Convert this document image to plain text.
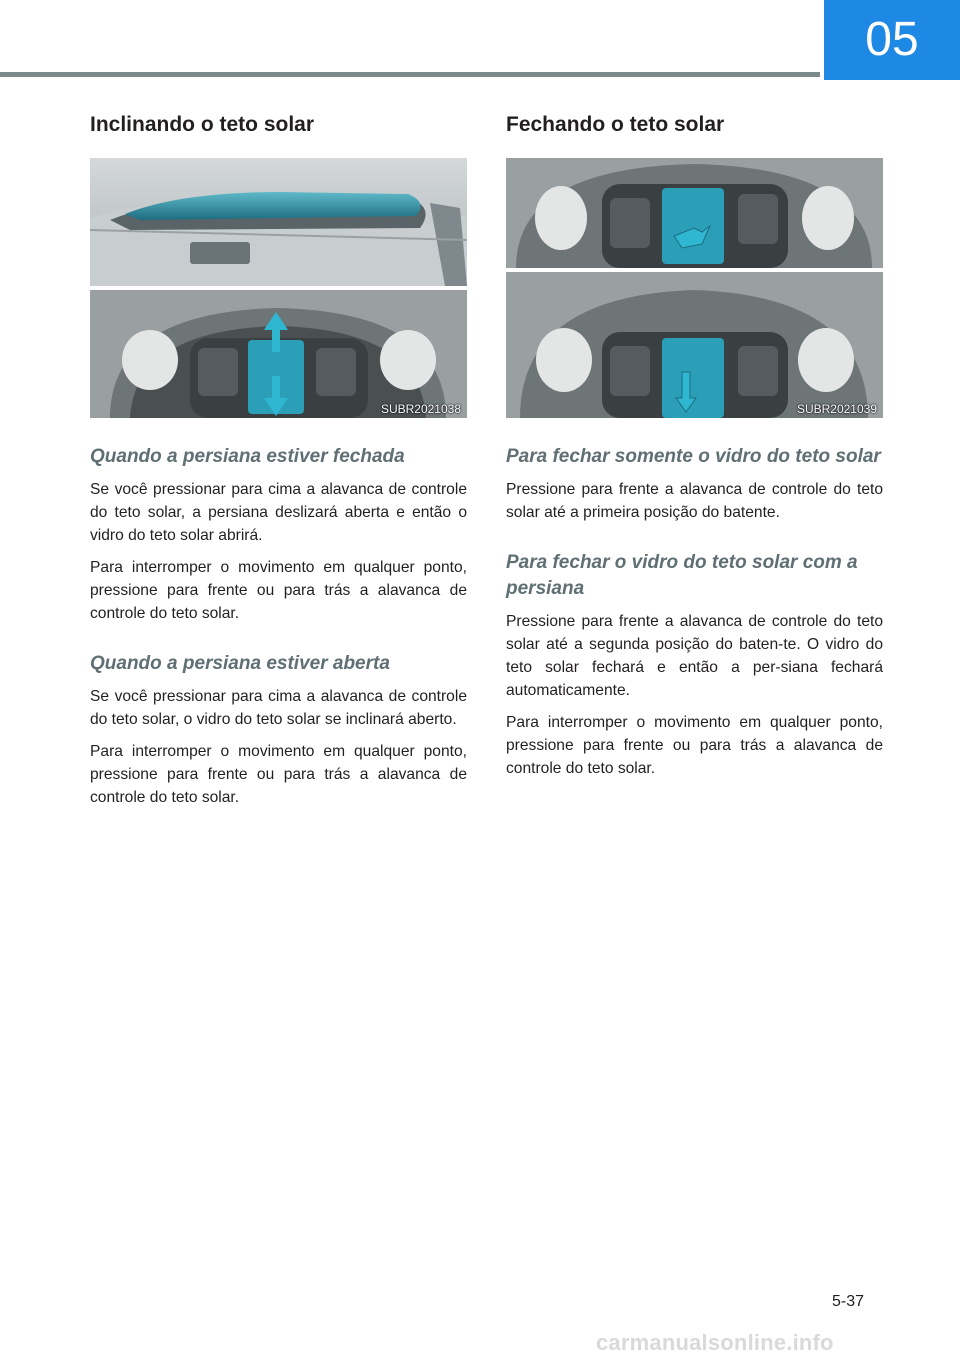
05
Inclinando o teto solar
SUBR2021038
Quando a persiana estiver fechada

Se você pressionar para cima a alavanca de controle do teto solar, a persiana deslizará aberta e então o vidro do teto solar abrirá.

Para interromper o movimento em qualquer ponto, pressione para frente ou para trás a alavanca de controle do teto solar.

Quando a persiana estiver aberta

Se você pressionar para cima a alavanca de controle do teto solar, o vidro do teto solar se inclinará aberto.

Para interromper o movimento em qualquer ponto, pressione para frente ou para trás a alavanca de controle do teto solar.

Fechando o teto solar
SUBR2021039
Para fechar somente o vidro do teto solar

Pressione para frente a alavanca de controle do teto solar até a primeira posição do batente.

Para fechar o vidro do teto solar com a persiana

Pressione para frente a alavanca de controle do teto solar até a segunda posição do baten-te. O vidro do teto solar fechará e então a per-siana fechará automaticamente.

Para interromper o movimento em qualquer ponto, pressione para frente ou para trás a alavanca de controle do teto solar.

5-37
carmanualsonline.info
